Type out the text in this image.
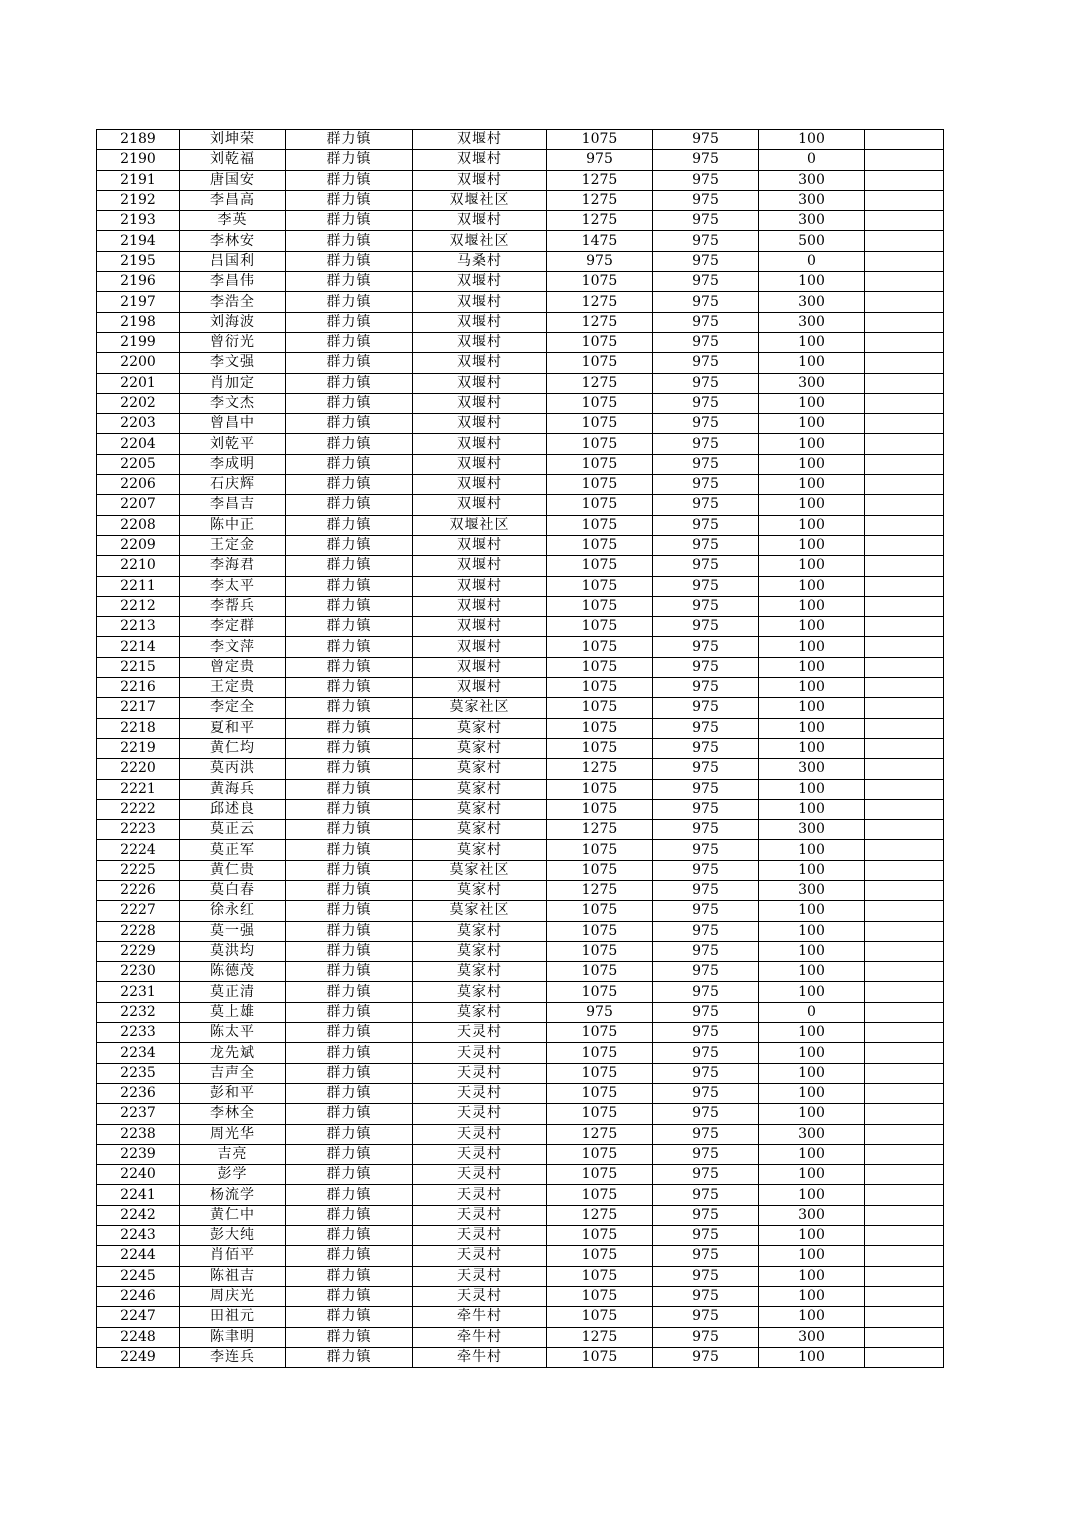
2189	刘坤荣	群力镇	双堰村	1075	975	100	
2190	刘乾福	群力镇	双堰村	975	975	0	
2191	唐国安	群力镇	双堰村	1275	975	300	
2192	李昌高	群力镇	双堰社区	1275	975	300	
2193	李英	群力镇	双堰村	1275	975	300	
2194	李林安	群力镇	双堰社区	1475	975	500	
2195	吕国利	群力镇	马桑村	975	975	0	
2196	李昌伟	群力镇	双堰村	1075	975	100	
2197	李浩全	群力镇	双堰村	1275	975	300	
2198	刘海波	群力镇	双堰村	1275	975	300	
2199	曾衍光	群力镇	双堰村	1075	975	100	
2200	李文强	群力镇	双堰村	1075	975	100	
2201	肖加定	群力镇	双堰村	1275	975	300	
2202	李文杰	群力镇	双堰村	1075	975	100	
2203	曾昌中	群力镇	双堰村	1075	975	100	
2204	刘乾平	群力镇	双堰村	1075	975	100	
2205	李成明	群力镇	双堰村	1075	975	100	
2206	石庆辉	群力镇	双堰村	1075	975	100	
2207	李昌吉	群力镇	双堰村	1075	975	100	
2208	陈中正	群力镇	双堰社区	1075	975	100	
2209	王定金	群力镇	双堰村	1075	975	100	
2210	李海君	群力镇	双堰村	1075	975	100	
2211	李太平	群力镇	双堰村	1075	975	100	
2212	李帮兵	群力镇	双堰村	1075	975	100	
2213	李定群	群力镇	双堰村	1075	975	100	
2214	李文萍	群力镇	双堰村	1075	975	100	
2215	曾定贵	群力镇	双堰村	1075	975	100	
2216	王定贵	群力镇	双堰村	1075	975	100	
2217	李定全	群力镇	莫家社区	1075	975	100	
2218	夏和平	群力镇	莫家村	1075	975	100	
2219	黄仁均	群力镇	莫家村	1075	975	100	
2220	莫丙洪	群力镇	莫家村	1275	975	300	
2221	黄海兵	群力镇	莫家村	1075	975	100	
2222	邱述良	群力镇	莫家村	1075	975	100	
2223	莫正云	群力镇	莫家村	1275	975	300	
2224	莫正军	群力镇	莫家村	1075	975	100	
2225	黄仁贵	群力镇	莫家社区	1075	975	100	
2226	莫白春	群力镇	莫家村	1275	975	300	
2227	徐永红	群力镇	莫家社区	1075	975	100	
2228	莫一强	群力镇	莫家村	1075	975	100	
2229	莫洪均	群力镇	莫家村	1075	975	100	
2230	陈德茂	群力镇	莫家村	1075	975	100	
2231	莫正清	群力镇	莫家村	1075	975	100	
2232	莫上雄	群力镇	莫家村	975	975	0	
2233	陈太平	群力镇	天灵村	1075	975	100	
2234	龙先斌	群力镇	天灵村	1075	975	100	
2235	吉声全	群力镇	天灵村	1075	975	100	
2236	彭和平	群力镇	天灵村	1075	975	100	
2237	李林全	群力镇	天灵村	1075	975	100	
2238	周光华	群力镇	天灵村	1275	975	300	
2239	吉亮	群力镇	天灵村	1075	975	100	
2240	彭学	群力镇	天灵村	1075	975	100	
2241	杨流学	群力镇	天灵村	1075	975	100	
2242	黄仁中	群力镇	天灵村	1275	975	300	
2243	彭大纯	群力镇	天灵村	1075	975	100	
2244	肖佰平	群力镇	天灵村	1075	975	100	
2245	陈祖吉	群力镇	天灵村	1075	975	100	
2246	周庆光	群力镇	天灵村	1075	975	100	
2247	田祖元	群力镇	牵牛村	1075	975	100	
2248	陈聿明	群力镇	牵牛村	1275	975	300	
2249	李连兵	群力镇	牵牛村	1075	975	100	
